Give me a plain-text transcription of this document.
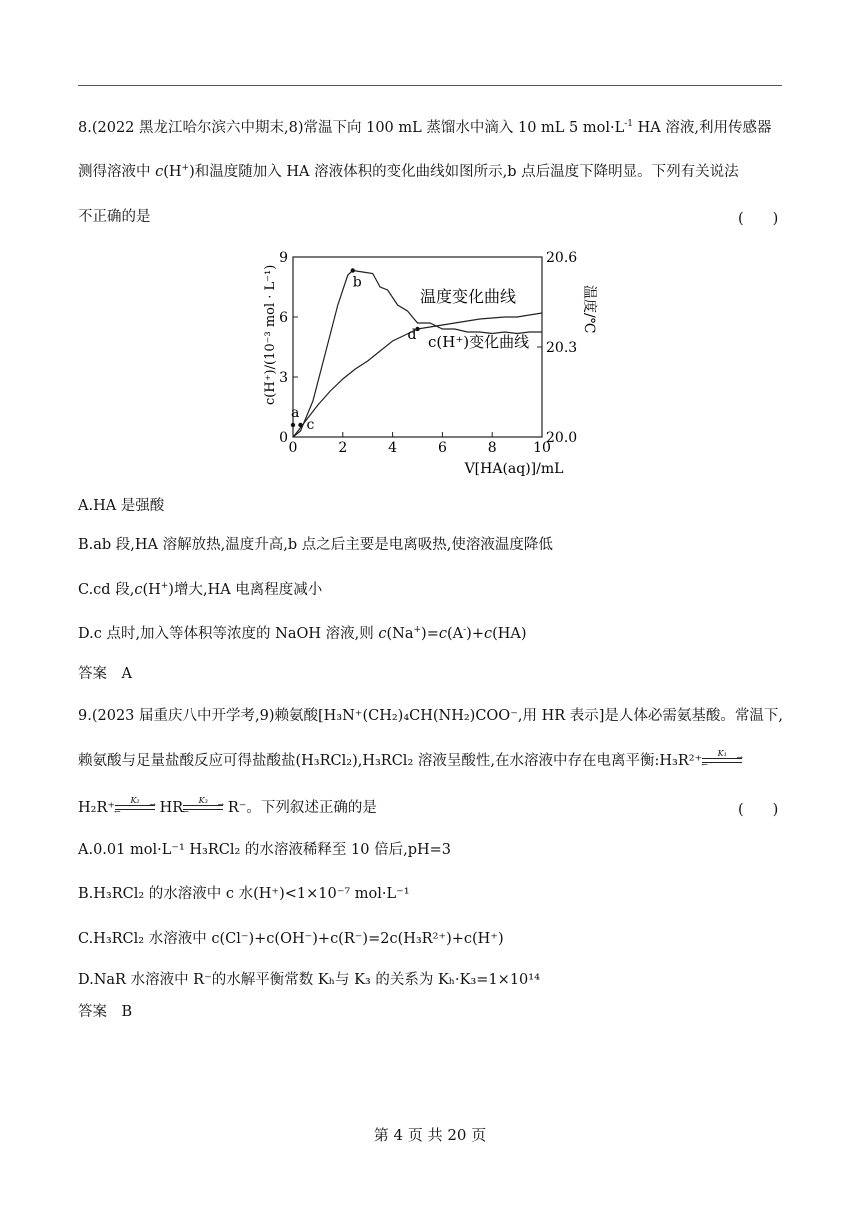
8.(2022 黑龙江哈尔滨六中期末,8)常温下向 100 mL 蒸馏水中滴入 10 mL 5 $mol\cdot L^{-1}$ HA 溶液,利用传感器
测得溶液中 c(H+)和温度随加入 HA 溶液体积的变化曲线如图所示,b 点后温度下降明显。下列有关说法
不正确的是	(　　)
0	2	4	6	8	10
0
3
6
9
20.0
20.3
20.6
a
b
c
d
c(H⁺)/(10⁻³ mol · L⁻¹)	温度/℃
V[HA(aq)]/mL
温度变化曲线
c(H⁺)变化曲线
A.HA 是强酸
B.ab 段,HA 溶解放热,温度升高,b 点之后主要是电离吸热,使溶液温度降低
C.cd 段,c(H+)增大,HA 电离程度减小
D.c 点时,加入等体积等浓度的 NaOH 溶液,则 c(Na+)=c(A-)+c(HA)
答案　A
9.(2023 届重庆八中开学考,9)赖氨酸[H₃N⁺(CH₂)₄CH(NH₂)COO⁻,用 HR 表示]是人体必需氨基酸。常温下,
赖氨酸与足量盐酸反应可得盐酸盐(H₃RCl₂),H₃RCl₂ 溶液呈酸性,在水溶液中存在电离平衡:H₃R²⁺	K₁	⇀
↽
H₂R⁺	K₂	⇀
↽	HR	K₃	⇀
↽	R⁻。下列叙述正确的是	(　　)
A.0.01 mol·L⁻¹ H₃RCl₂ 的水溶液稀释至 10 倍后,pH=3
B.H₃RCl₂ 的水溶液中 c 水(H⁺)<1×10⁻⁷ mol·L⁻¹
C.H₃RCl₂ 水溶液中 c(Cl⁻)+c(OH⁻)+c(R⁻)=2c(H₃R²⁺)+c(H⁺)
D.NaR 水溶液中 R⁻的水解平衡常数 Kₕ与 K₃ 的关系为 Kₕ·K₃=1×10¹⁴
答案　B
第 4 页 共 20 页
